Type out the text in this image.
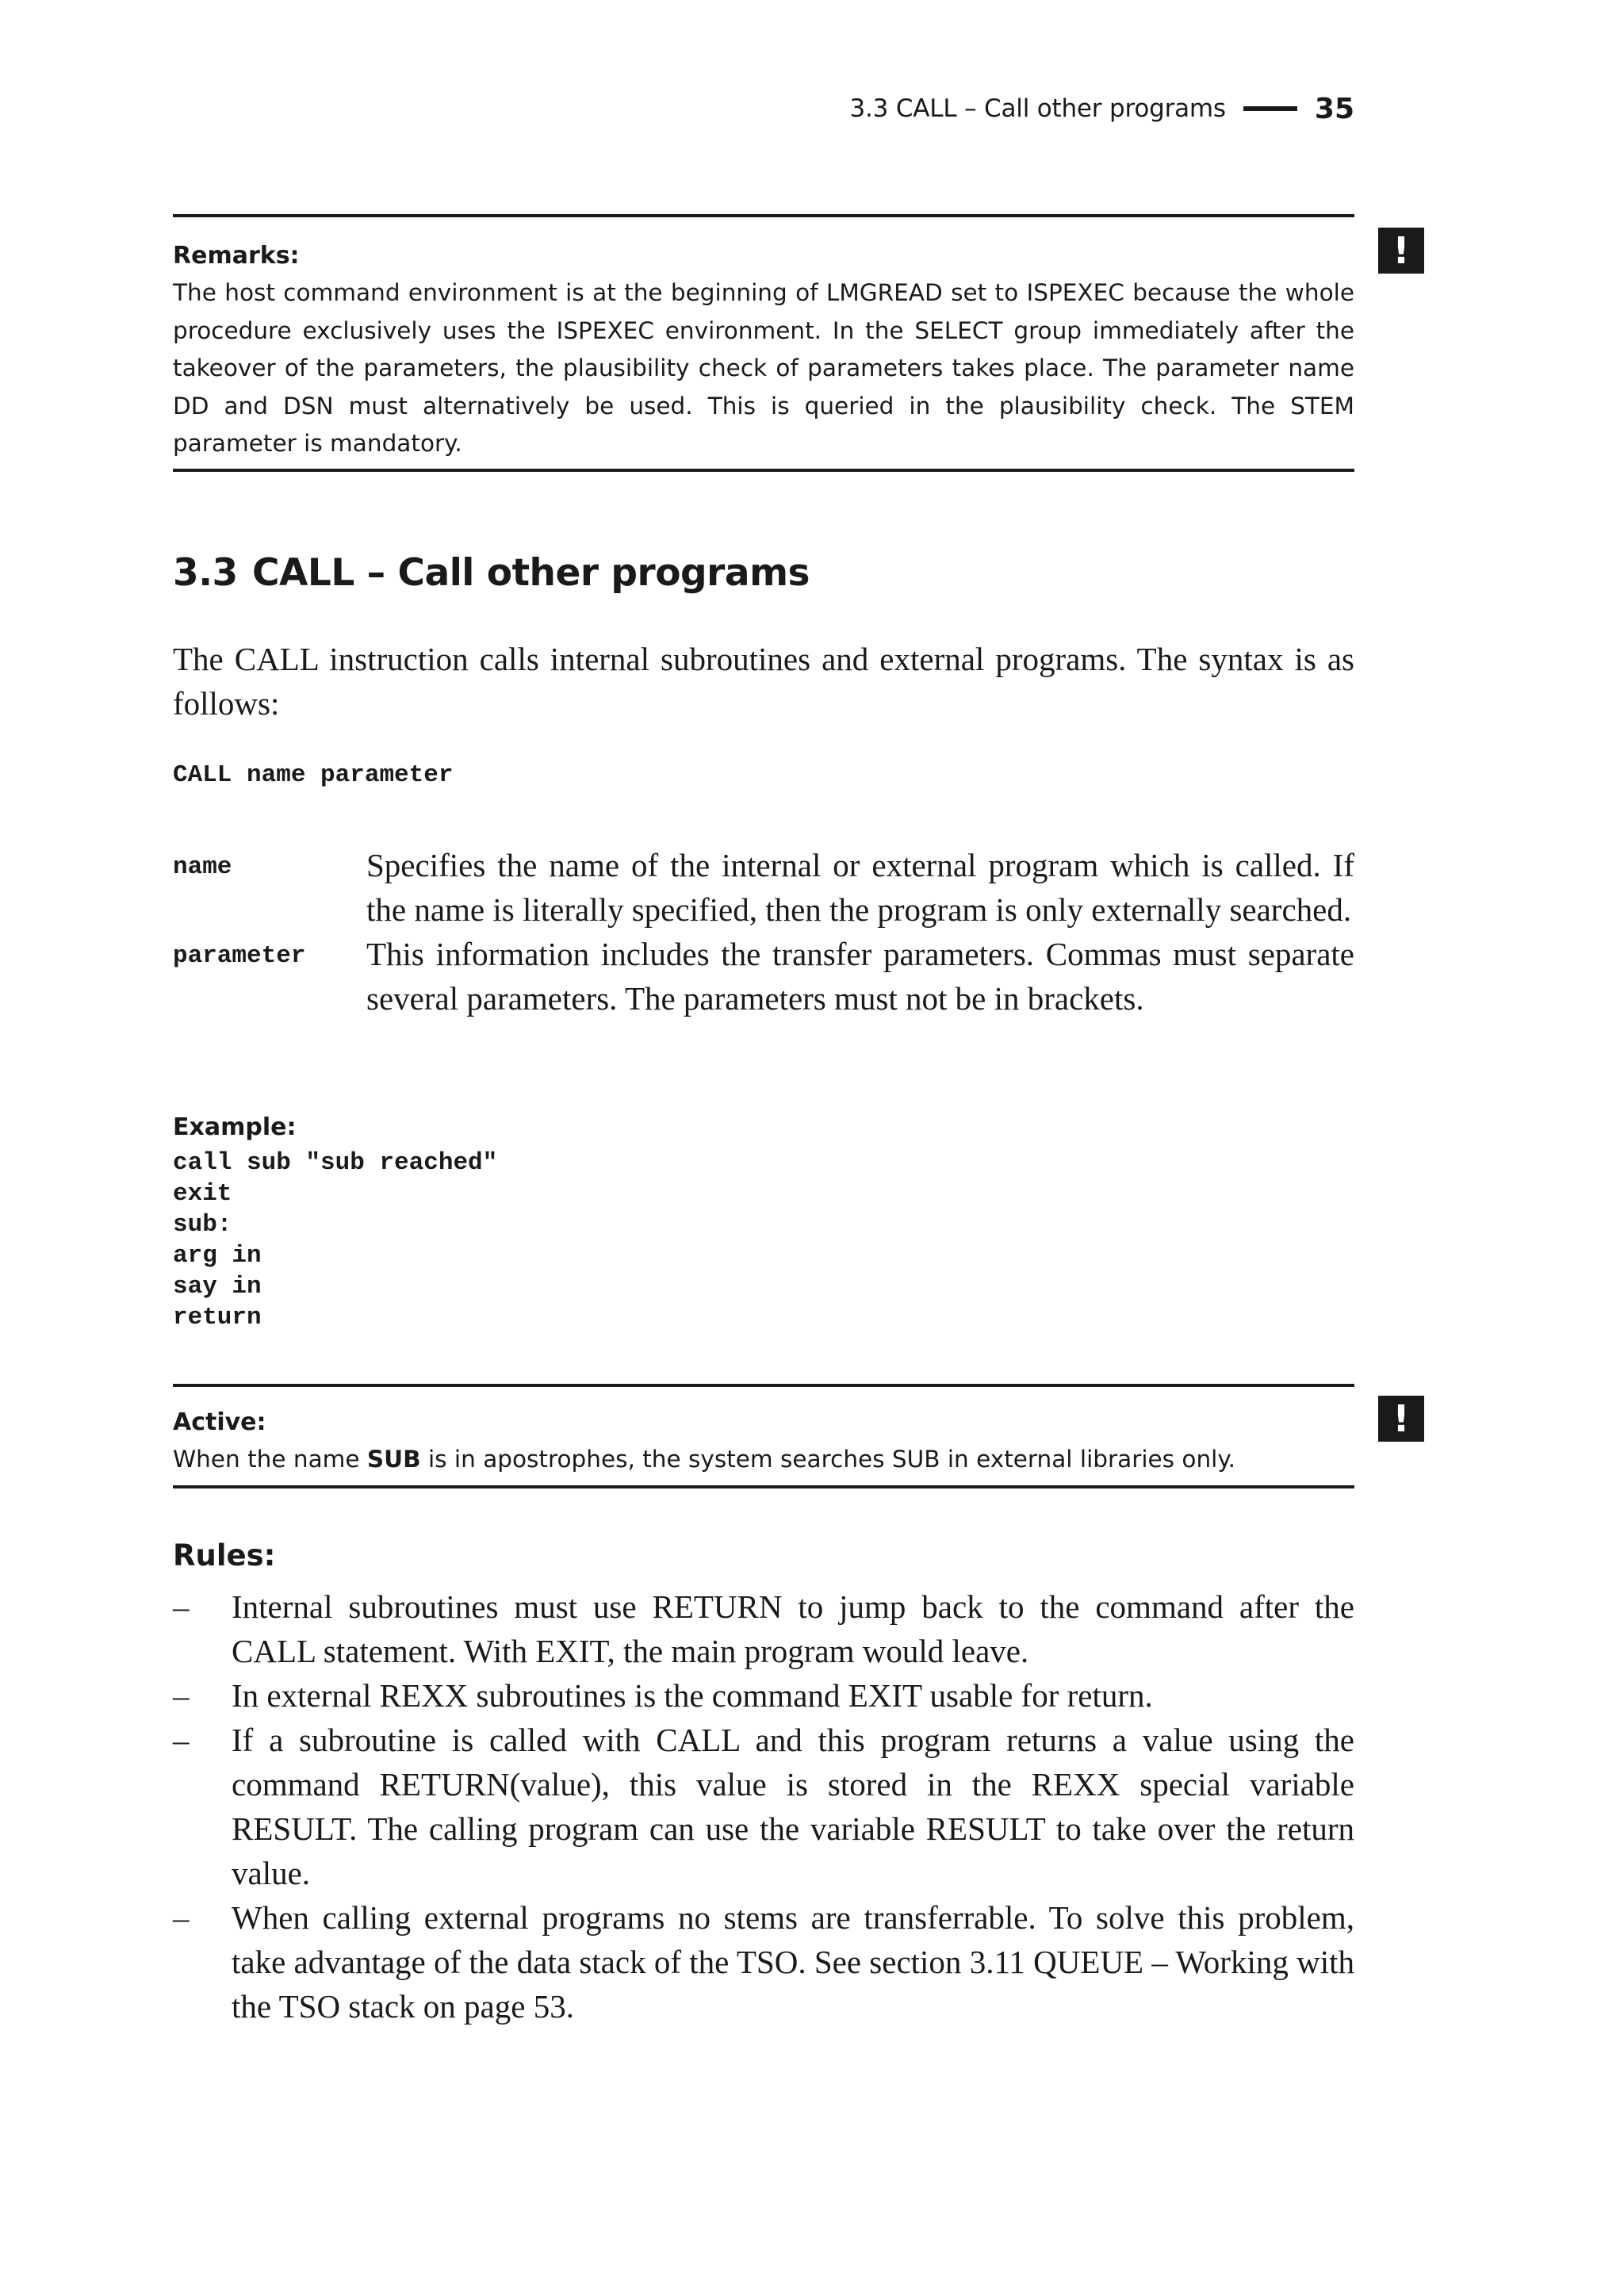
3.3 CALL – Call other programs	35
Remarks:
The host command environment is at the beginning of LMGREAD set to ISPEXEC because the whole procedure exclusively uses the ISPEXEC environment. In the SELECT group immediately after the takeover of the parameters, the plausibility check of parameters takes place. The parameter name DD and DSN must alternatively be used. This is queried in the plausibility check. The STEM parameter is mandatory.
!
3.3 CALL – Call other programs
The CALL instruction calls internal subroutines and external programs. The syntax is as follows:
CALL name parameter
name	Specifies the name of the internal or external program which is called. If the name is literally specified, then the program is only externally searched.
parameter	This information includes the transfer parameters. Commas must separate several parameters. The parameters must not be in brackets.
Example:
call sub "sub reached"
exit
sub:
arg in
say in
return
Active:
When the name SUB is in apostrophes, the system searches SUB in external libraries only.
!
Rules:
–	Internal subroutines must use RETURN to jump back to the command after the CALL statement. With EXIT, the main program would leave.
–	In external REXX subroutines is the command EXIT usable for return.
–	If a subroutine is called with CALL and this program returns a value using the command RETURN(value), this value is stored in the REXX special variable RESULT. The calling program can use the variable RESULT to take over the return value.
–	When calling external programs no stems are transferrable. To solve this problem, take advantage of the data stack of the TSO. See section 3.11 QUEUE – Working with the TSO stack on page 53.
